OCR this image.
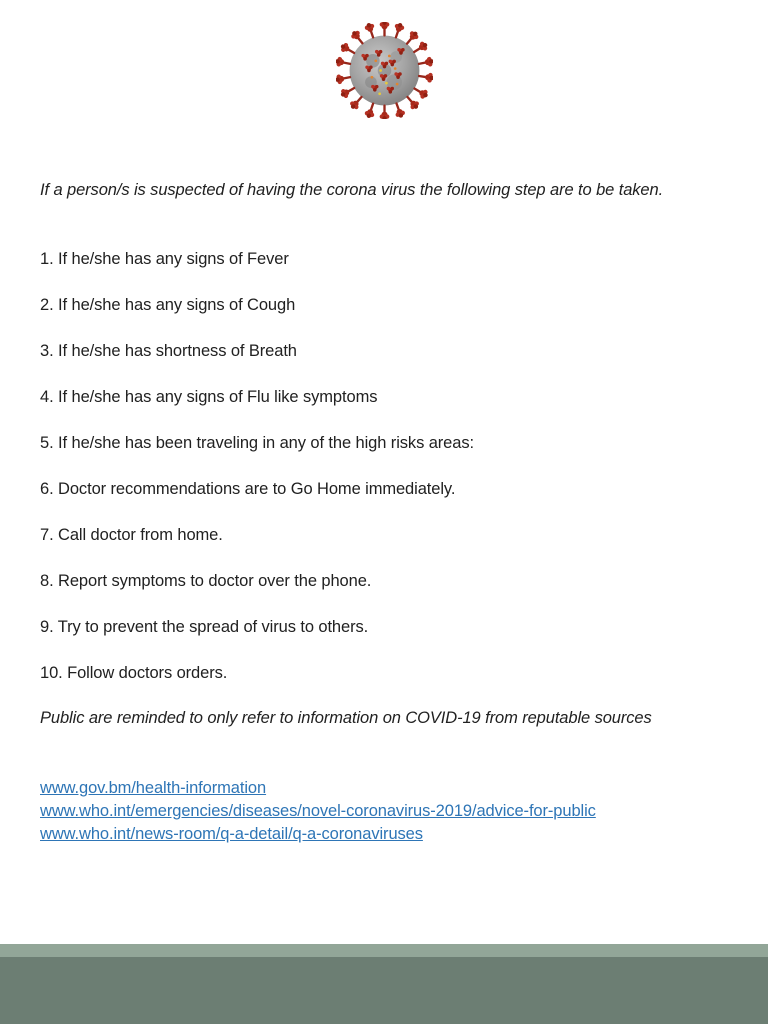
If a person/s is suspected of having the corona virus the following step are to be taken.

1. If he/she has any signs of Fever

2. If he/she has any signs of Cough

3. If he/she has shortness of Breath

4. If he/she has any signs of Flu like symptoms

5. If he/she has been traveling in any of the high risks areas:

6. Doctor recommendations are to Go Home immediately.

7. Call doctor from home.

8. Report symptoms to doctor over the phone.

9. Try to prevent the spread of virus to others.

10. Follow doctors orders.

Public are reminded to only refer to information on COVID-19 from reputable sources

www.gov.bm/health-information
www.who.int/emergencies/diseases/novel-coronavirus-2019/advice-for-public
www.who.int/news-room/q-a-detail/q-a-coronaviruses
